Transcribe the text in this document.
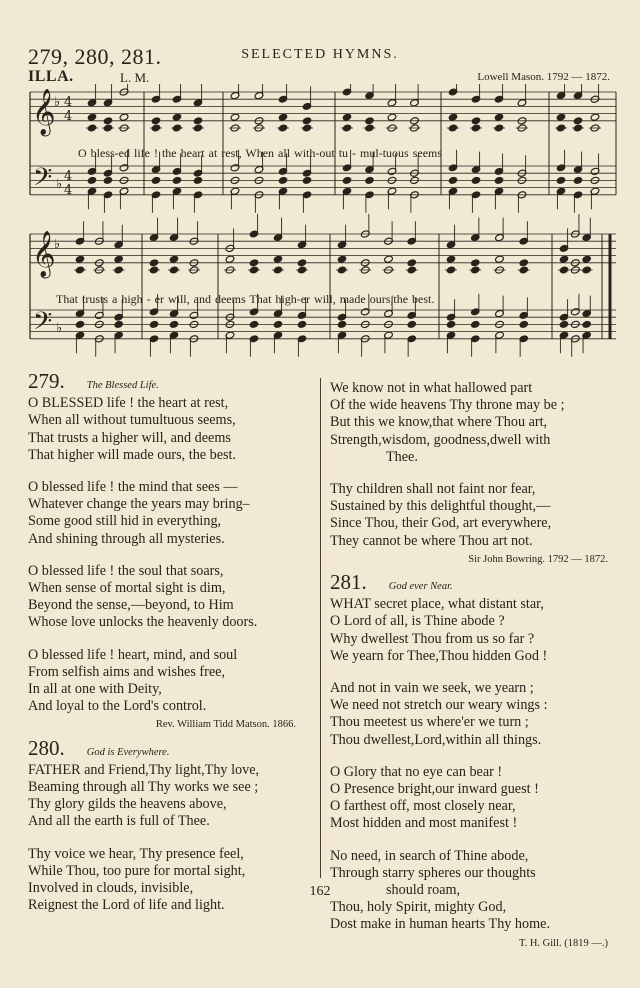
279, 280, 281.	SELECTED HYMNS.
ILLA.	L. M.	Lowell Mason. 1792 — 1872.
𝄞
𝄞
𝄢
𝄢
♭
♭
♭
♭
4
4
4
4
O bless-ed life ! the heart at rest, When all with-out tu - mul-tuous seems
That trusts a high - er will, and deems That high-er will, made ours,the best.
279. The Blessed Life.
O BLESSED life ! the heart at rest,
When all without tumultuous seems,
That trusts a higher will, and deems
That higher will made ours, the best.
O blessed life ! the mind that sees —
Whatever change the years may bring–
Some good still hid in everything,
And shining through all mysteries.
O blessed life ! the soul that soars,
When sense of mortal sight is dim,
Beyond the sense,—beyond, to Him
Whose love unlocks the heavenly doors.
O blessed life ! heart, mind, and soul
From selfish aims and wishes free,
In all at one with Deity,
And loyal to the Lord's control.
Rev. William Tidd Matson. 1866.
280. God is Everywhere.
FATHER and Friend,Thy light,Thy love,
Beaming through all Thy works we see ;
Thy glory gilds the heavens above,
And all the earth is full of Thee.
Thy voice we hear, Thy presence feel,
While Thou, too pure for mortal sight,
Involved in clouds, invisible,
Reignest the Lord of life and light.
We know not in what hallowed part
Of the wide heavens Thy throne may be ;
But this we know,that where Thou art,
Strength,wisdom, goodness,dwell with
Thee.
Thy children shall not faint nor fear,
Sustained by this delightful thought,—
Since Thou, their God, art everywhere,
They cannot be where Thou art not.
Sir John Bowring. 1792 — 1872.
281. God ever Near.
WHAT secret place, what distant star,
O Lord of all, is Thine abode ?
Why dwellest Thou from us so far ?
We yearn for Thee,Thou hidden God !
And not in vain we seek, we yearn ;
We need not stretch our weary wings :
Thou meetest us where'er we turn ;
Thou dwellest,Lord,within all things.
O Glory that no eye can bear !
O Presence bright,our inward guest !
O farthest off, most closely near,
Most hidden and most manifest !
No need, in search of Thine abode,
Through starry spheres our thoughts
should roam,
Thou, holy Spirit, mighty God,
Dost make in human hearts Thy home.
T. H. Gill. (1819 —.)
162
